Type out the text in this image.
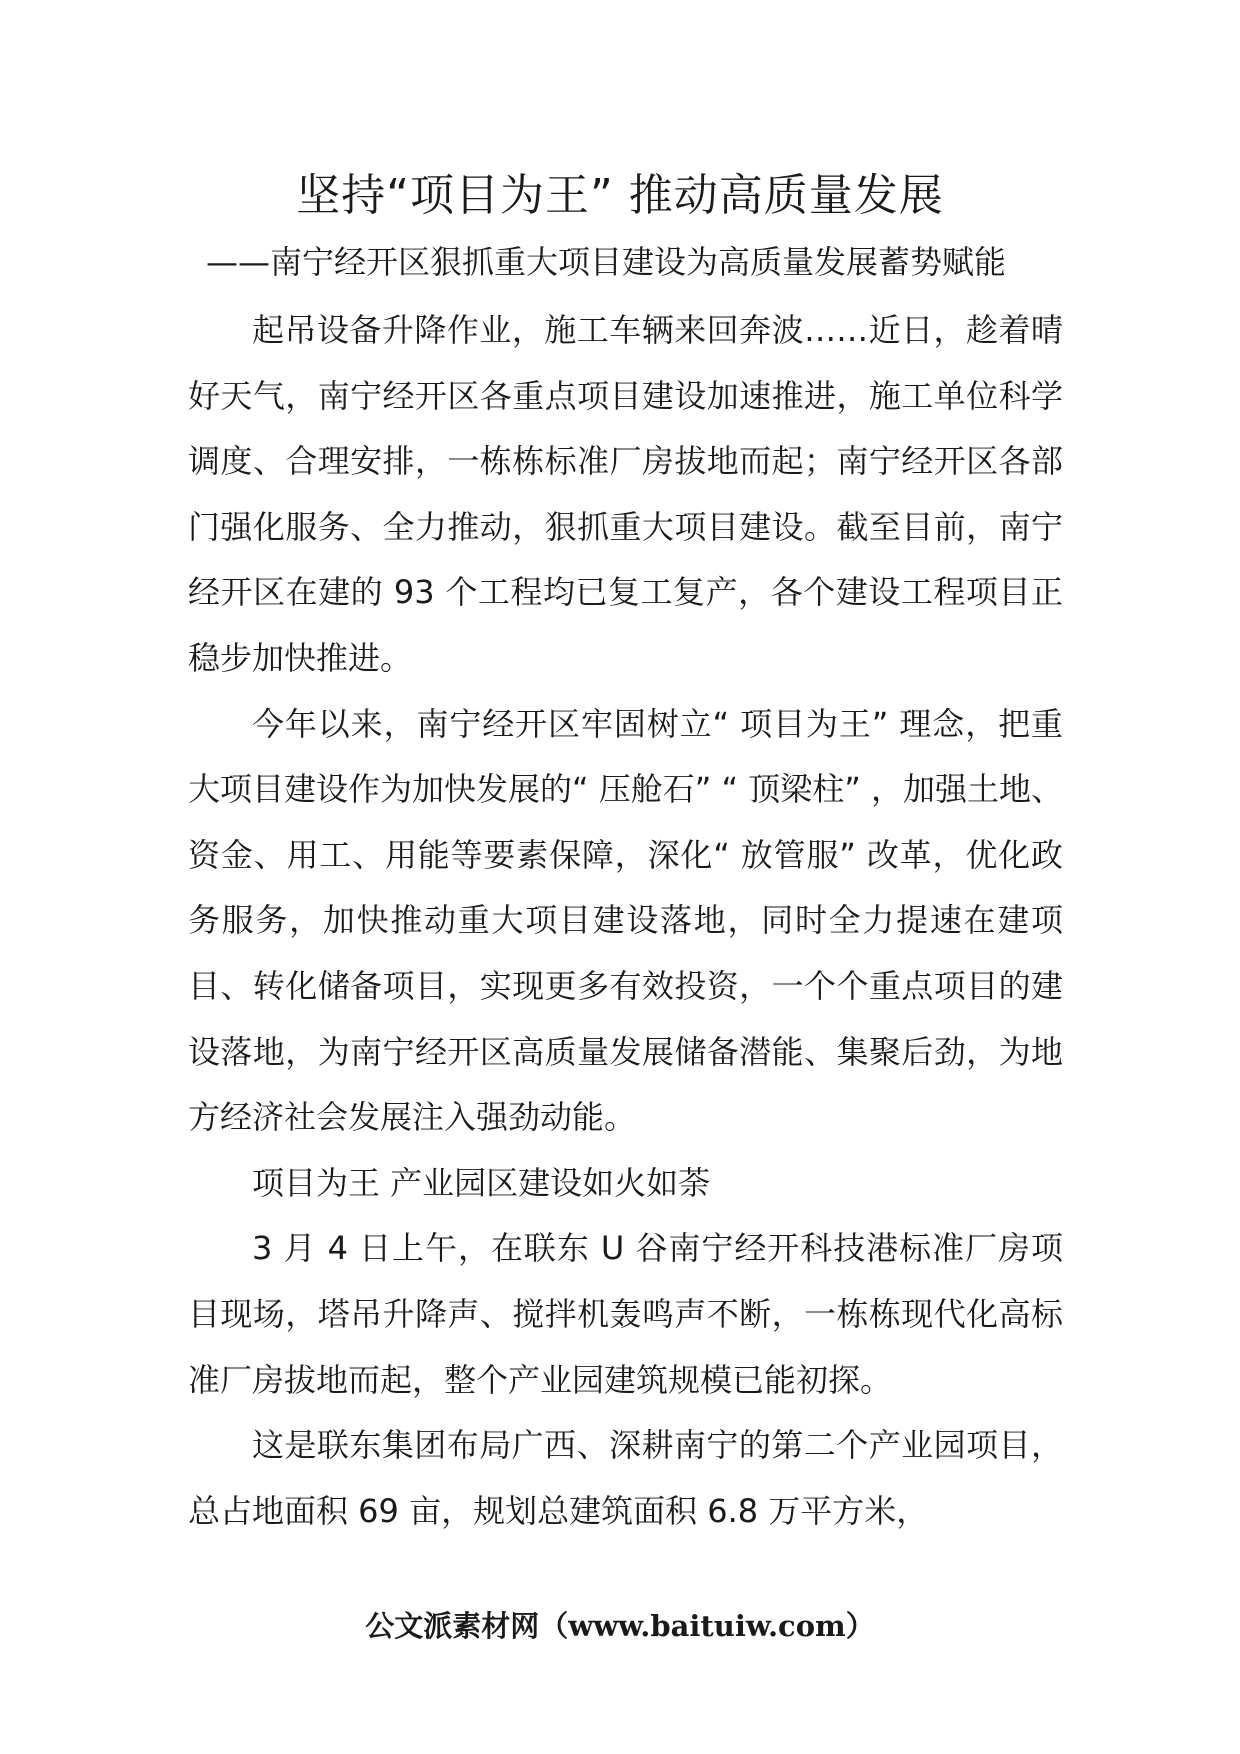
坚持“项目为王” 推动高质量发展
——南宁经开区狠抓重大项目建设为高质量发展蓄势赋能

起吊设备升降作业，施工车辆来回奔波……近日，趁着晴好天气，南宁经开区各重点项目建设加速推进，施工单位科学调度、合理安排，一栋栋标准厂房拔地而起；南宁经开区各部门强化服务、全力推动，狠抓重大项目建设。截至目前，南宁经开区在建的 93 个工程均已复工复产，各个建设工程项目正稳步加快推进。

今年以来，南宁经开区牢固树立“ 项目为王” 理念，把重大项目建设作为加快发展的“ 压舱石” “ 顶梁柱” ，加强土地、资金、用工、用能等要素保障，深化“ 放管服” 改革，优化政务服务，加快推动重大项目建设落地，同时全力提速在建项目、转化储备项目，实现更多有效投资，一个个重点项目的建设落地，为南宁经开区高质量发展储备潜能、集聚后劲，为地方经济社会发展注入强劲动能。

项目为王 产业园区建设如火如荼

3 月 4 日上午，在联东 U 谷南宁经开科技港标准厂房项目现场，塔吊升降声、搅拌机轰鸣声不断，一栋栋现代化高标准厂房拔地而起，整个产业园建筑规模已能初探。

这是联东集团布局广西、深耕南宁的第二个产业园项目，总占地面积 69 亩，规划总建筑面积 6.8 万平方米，

公文派素材网（www.baituiw.com）
